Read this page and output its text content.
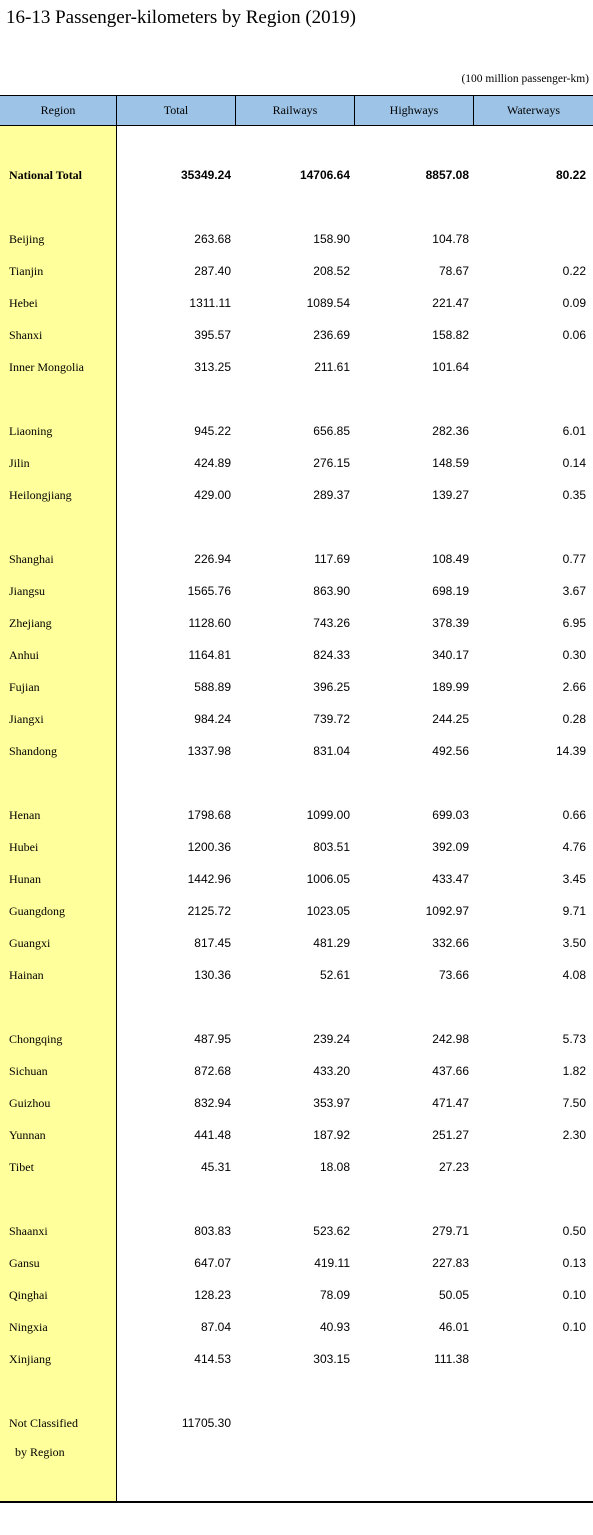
16-13 Passenger-kilometers by Region (2019)
(100 million passenger-km)
Region	Total	Railways	Highways	Waterways
National Total	35349.24	14706.64	8857.08	80.22
Beijing	263.68	158.90	104.78
Tianjin	287.40	208.52	78.67	0.22
Hebei	1311.11	1089.54	221.47	0.09
Shanxi	395.57	236.69	158.82	0.06
Inner Mongolia	313.25	211.61	101.64
Liaoning	945.22	656.85	282.36	6.01
Jilin	424.89	276.15	148.59	0.14
Heilongjiang	429.00	289.37	139.27	0.35
Shanghai	226.94	117.69	108.49	0.77
Jiangsu	1565.76	863.90	698.19	3.67
Zhejiang	1128.60	743.26	378.39	6.95
Anhui	1164.81	824.33	340.17	0.30
Fujian	588.89	396.25	189.99	2.66
Jiangxi	984.24	739.72	244.25	0.28
Shandong	1337.98	831.04	492.56	14.39
Henan	1798.68	1099.00	699.03	0.66
Hubei	1200.36	803.51	392.09	4.76
Hunan	1442.96	1006.05	433.47	3.45
Guangdong	2125.72	1023.05	1092.97	9.71
Guangxi	817.45	481.29	332.66	3.50
Hainan	130.36	52.61	73.66	4.08
Chongqing	487.95	239.24	242.98	5.73
Sichuan	872.68	433.20	437.66	1.82
Guizhou	832.94	353.97	471.47	7.50
Yunnan	441.48	187.92	251.27	2.30
Tibet	45.31	18.08	27.23
Shaanxi	803.83	523.62	279.71	0.50
Gansu	647.07	419.11	227.83	0.13
Qinghai	128.23	78.09	50.05	0.10
Ningxia	87.04	40.93	46.01	0.10
Xinjiang	414.53	303.15	111.38
Not Classified	11705.30
by Region
